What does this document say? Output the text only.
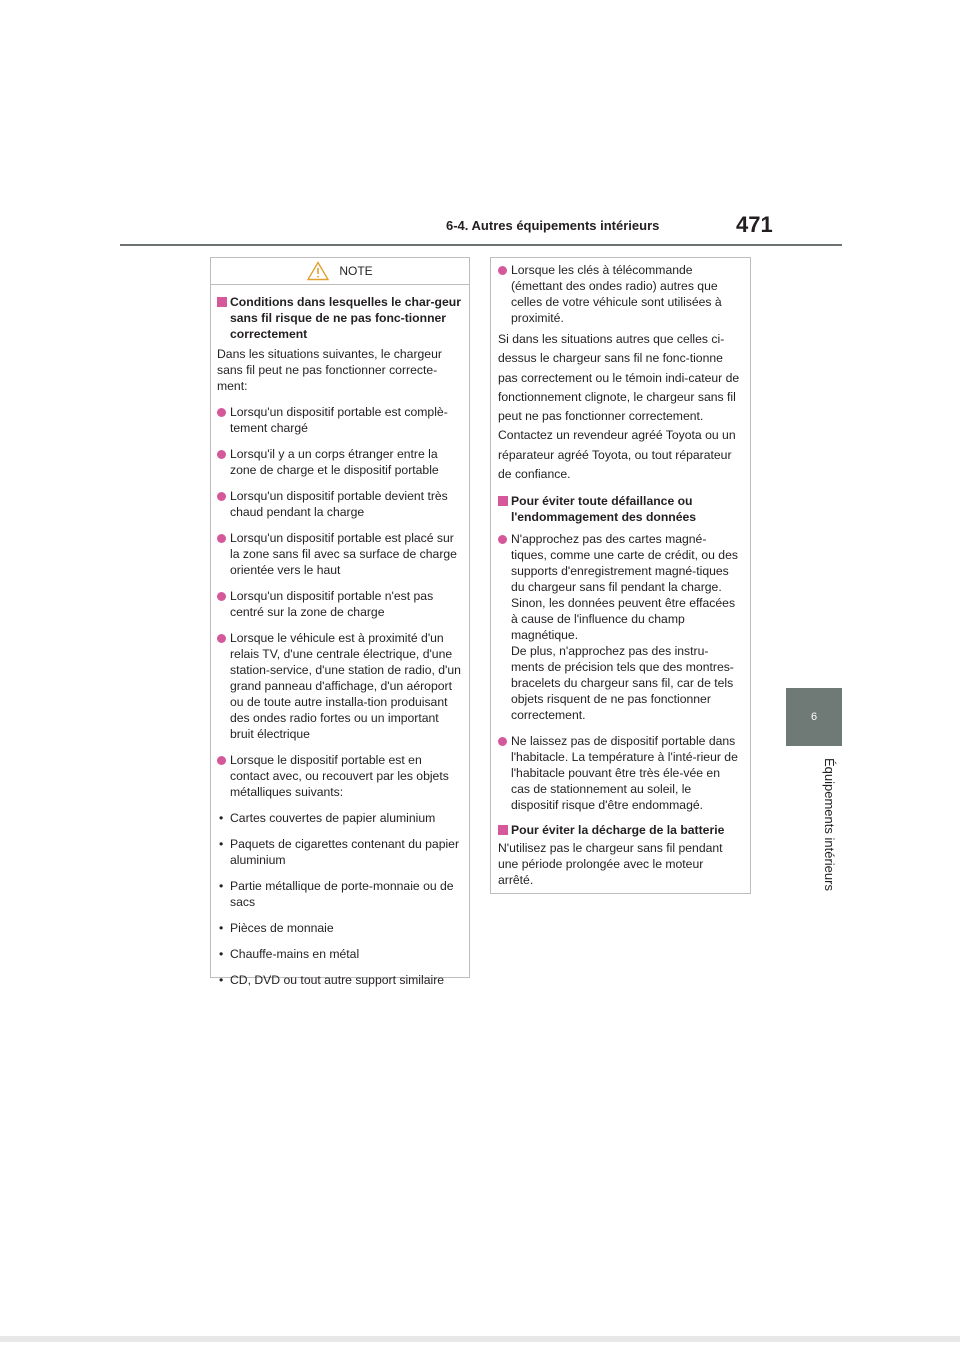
6-4. Autres équipements intérieurs	471
6
Équipements intérieurs
NOTE
Conditions dans lesquelles le char-geur sans fil risque de ne pas fonc-tionner correctement
Dans les situations suivantes, le chargeur sans fil peut ne pas fonctionner correcte-ment:
Lorsqu'un dispositif portable est complè-tement chargé
Lorsqu'il y a un corps étranger entre la zone de charge et le dispositif portable
Lorsqu'un dispositif portable devient très chaud pendant la charge
Lorsqu'un dispositif portable est placé sur la zone sans fil avec sa surface de charge orientée vers le haut
Lorsqu'un dispositif portable n'est pas centré sur la zone de charge
Lorsque le véhicule est à proximité d'un relais TV, d'une centrale électrique, d'une station-service, d'une station de radio, d'un grand panneau d'affichage, d'un aéroport ou de toute autre installa-tion produisant des ondes radio fortes ou un important bruit électrique
Lorsque le dispositif portable est en contact avec, ou recouvert par les objets métalliques suivants:
• Cartes couvertes de papier aluminium
• Paquets de cigarettes contenant du papier aluminium
• Partie métallique de porte-monnaie ou de sacs
• Pièces de monnaie
• Chauffe-mains en métal
• CD, DVD ou tout autre support similaire
Lorsque les clés à télécommande (émettant des ondes radio) autres que celles de votre véhicule sont utilisées à proximité.
Si dans les situations autres que celles ci-dessus le chargeur sans fil ne fonc-tionne pas correctement ou le témoin indi-cateur de fonctionnement clignote, le chargeur sans fil peut ne pas fonctionner correctement. Contactez un revendeur agréé Toyota ou un réparateur agréé Toyota, ou tout réparateur de confiance.
Pour éviter toute défaillance ou l'endommagement des données
N'approchez pas des cartes magné-tiques, comme une carte de crédit, ou des supports d'enregistrement magné-tiques du chargeur sans fil pendant la charge. Sinon, les données peuvent être effacées à cause de l'influence du champ magnétique.
De plus, n'approchez pas des instru-ments de précision tels que des montres-bracelets du chargeur sans fil, car de tels objets risquent de ne pas fonctionner correctement.
Ne laissez pas de dispositif portable dans l'habitacle. La température à l'inté-rieur de l'habitacle pouvant être très éle-vée en cas de stationnement au soleil, le dispositif risque d'être endommagé.
Pour éviter la décharge de la batterie
N'utilisez pas le chargeur sans fil pendant une période prolongée avec le moteur arrêté.
